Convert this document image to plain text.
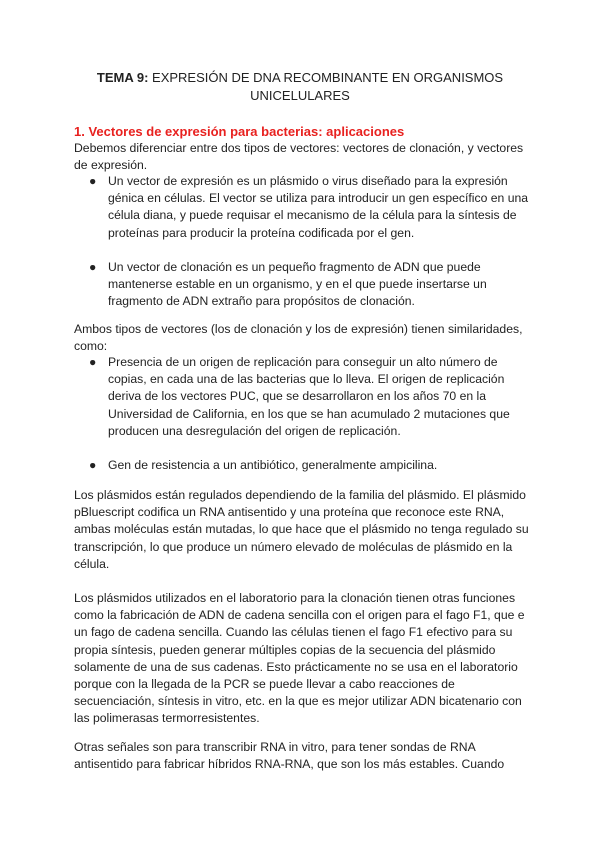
TEMA 9: EXPRESIÓN DE DNA RECOMBINANTE EN ORGANISMOS UNICELULARES
1. Vectores de expresión para bacterias: aplicaciones

Debemos diferenciar entre dos tipos de vectores: vectores de clonación, y vectores de expresión.

● Un vector de expresión es un plásmido o virus diseñado para la expresión génica en células. El vector se utiliza para introducir un gen específico en una célula diana, y puede requisar el mecanismo de la célula para la síntesis de proteínas para producir la proteína codificada por el gen.
● Un vector de clonación es un pequeño fragmento de ADN que puede mantenerse estable en un organismo, y en el que puede insertarse un fragmento de ADN extraño para propósitos de clonación.

Ambos tipos de vectores (los de clonación y los de expresión) tienen similaridades, como:

● Presencia de un origen de replicación para conseguir un alto número de copias, en cada una de las bacterias que lo lleva. El origen de replicación deriva de los vectores PUC, que se desarrollaron en los años 70 en la Universidad de California, en los que se han acumulado 2 mutaciones que producen una desregulación del origen de replicación.
● Gen de resistencia a un antibiótico, generalmente ampicilina.

Los plásmidos están regulados dependiendo de la familia del plásmido. El plásmido pBluescript codifica un RNA antisentido y una proteína que reconoce este RNA, ambas moléculas están mutadas, lo que hace que el plásmido no tenga regulado su transcripción, lo que produce un número elevado de moléculas de plásmido en la célula.

Los plásmidos utilizados en el laboratorio para la clonación tienen otras funciones como la fabricación de ADN de cadena sencilla con el origen para el fago F1, que e un fago de cadena sencilla. Cuando las células tienen el fago F1 efectivo para su propia síntesis, pueden generar múltiples copias de la secuencia del plásmido solamente de una de sus cadenas. Esto prácticamente no se usa en el laboratorio porque con la llegada de la PCR se puede llevar a cabo reacciones de secuenciación, síntesis in vitro, etc. en la que es mejor utilizar ADN bicatenario con las polimerasas termorresistentes.

Otras señales son para transcribir RNA in vitro, para tener sondas de RNA antisentido para fabricar híbridos RNA-RNA, que son los más estables. Cuando
